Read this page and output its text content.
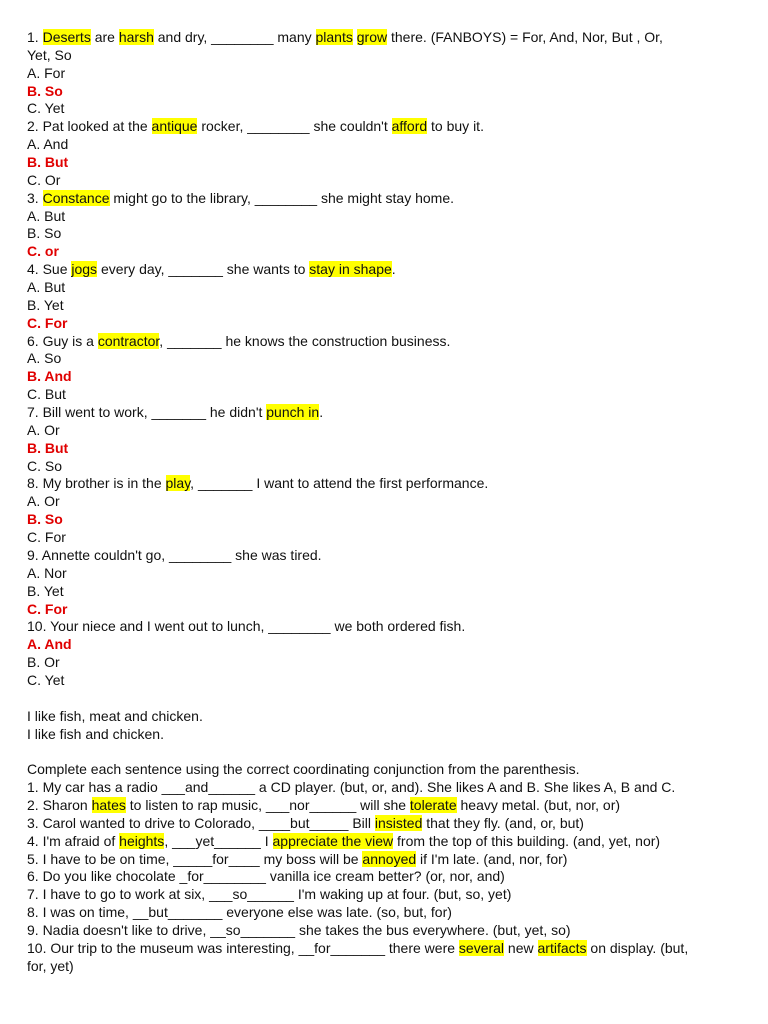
1. Deserts are harsh and dry, ________ many plants grow there. (FANBOYS) = For, And, Nor, But , Or,
Yet, So
A. For
B. So
C. Yet
2. Pat looked at the antique rocker, ________ she couldn't afford to buy it.
A. And
B. But
C. Or
3. Constance might go to the library, ________ she might stay home.
A. But
B. So
C. or
4. Sue jogs every day, _______ she wants to stay in shape.
A. But
B. Yet
C. For
6. Guy is a contractor, _______ he knows the construction business.
A. So
B. And
C. But
7. Bill went to work, _______ he didn't punch in.
A. Or
B. But
C. So
8. My brother is in the play, _______ I want to attend the first performance.
A. Or
B. So
C. For
9. Annette couldn't go, ________ she was tired.
A. Nor
B. Yet
C. For
10. Your niece and I went out to lunch, ________ we both ordered fish.
A. And
B. Or
C. Yet
I like fish, meat and chicken.
I like fish and chicken.
Complete each sentence using the correct coordinating conjunction from the parenthesis.
1. My car has a radio ___and______ a CD player. (but, or, and). She likes A and B. She likes A, B and C.
2. Sharon hates to listen to rap music, ___nor______ will she tolerate heavy metal. (but, nor, or)
3. Carol wanted to drive to Colorado, ____but_____ Bill insisted that they fly. (and, or, but)
4. I'm afraid of heights, ___yet______ I appreciate the view from the top of this building. (and, yet, nor)
5. I have to be on time, _____for____ my boss will be annoyed if I'm late. (and, nor, for)
6. Do you like chocolate _for________ vanilla ice cream better? (or, nor, and)
7. I have to go to work at six, ___so______ I'm waking up at four. (but, so, yet)
8. I was on time, __but_______ everyone else was late. (so, but, for)
9. Nadia doesn't like to drive, __so_______ she takes the bus everywhere. (but, yet, so)
10. Our trip to the museum was interesting, __for_______ there were several new artifacts on display. (but,
for, yet)
